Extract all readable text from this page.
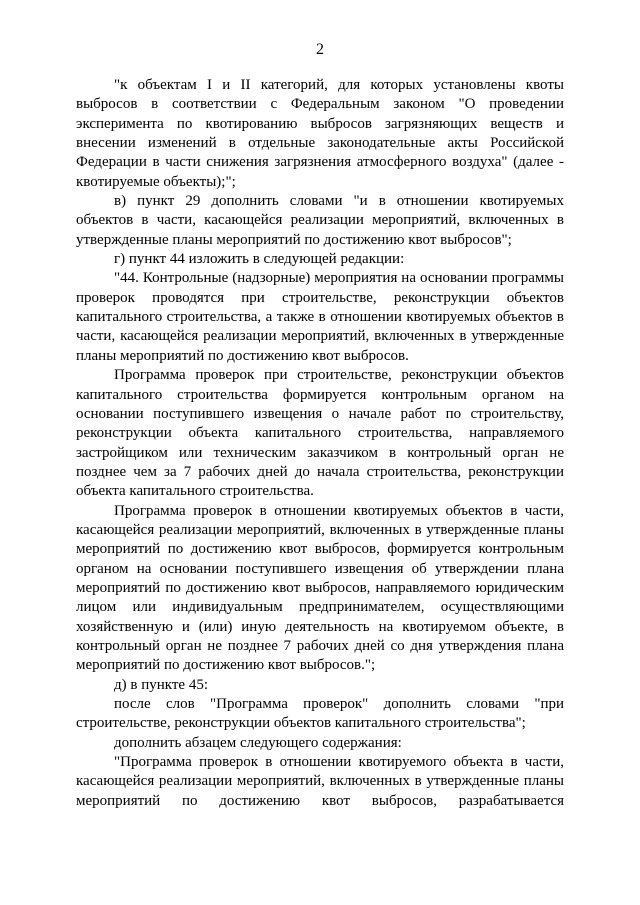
2

"к объектам I и II категорий, для которых установлены квоты выбросов в соответствии с Федеральным законом "О проведении эксперимента по квотированию выбросов загрязняющих веществ и внесении изменений в отдельные законодательные акты Российской Федерации в части снижения загрязнения атмосферного воздуха" (далее - квотируемые объекты);";

в) пункт 29 дополнить словами "и в отношении квотируемых объектов в части, касающейся реализации мероприятий, включенных в утвержденные планы мероприятий по достижению квот выбросов";

г) пункт 44 изложить в следующей редакции:

"44. Контрольные (надзорные) мероприятия на основании программы проверок проводятся при строительстве, реконструкции объектов капитального строительства, а также в отношении квотируемых объектов в части, касающейся реализации мероприятий, включенных в утвержденные планы мероприятий по достижению квот выбросов.

Программа проверок при строительстве, реконструкции объектов капитального строительства формируется контрольным органом на основании поступившего извещения о начале работ по строительству, реконструкции объекта капитального строительства, направляемого застройщиком или техническим заказчиком в контрольный орган не позднее чем за 7 рабочих дней до начала строительства, реконструкции объекта капитального строительства.

Программа проверок в отношении квотируемых объектов в части, касающейся реализации мероприятий, включенных в утвержденные планы мероприятий по достижению квот выбросов, формируется контрольным органом на основании поступившего извещения об утверждении плана мероприятий по достижению квот выбросов, направляемого юридическим лицом или индивидуальным предпринимателем, осуществляющими хозяйственную и (или) иную деятельность на квотируемом объекте, в контрольный орган не позднее 7 рабочих дней со дня утверждения плана мероприятий по достижению квот выбросов.";

д) в пункте 45:

после слов "Программа проверок" дополнить словами "при строительстве, реконструкции объектов капитального строительства";

дополнить абзацем следующего содержания:

"Программа проверок в отношении квотируемого объекта в части, касающейся реализации мероприятий, включенных в утвержденные планы мероприятий по достижению квот выбросов, разрабатывается
